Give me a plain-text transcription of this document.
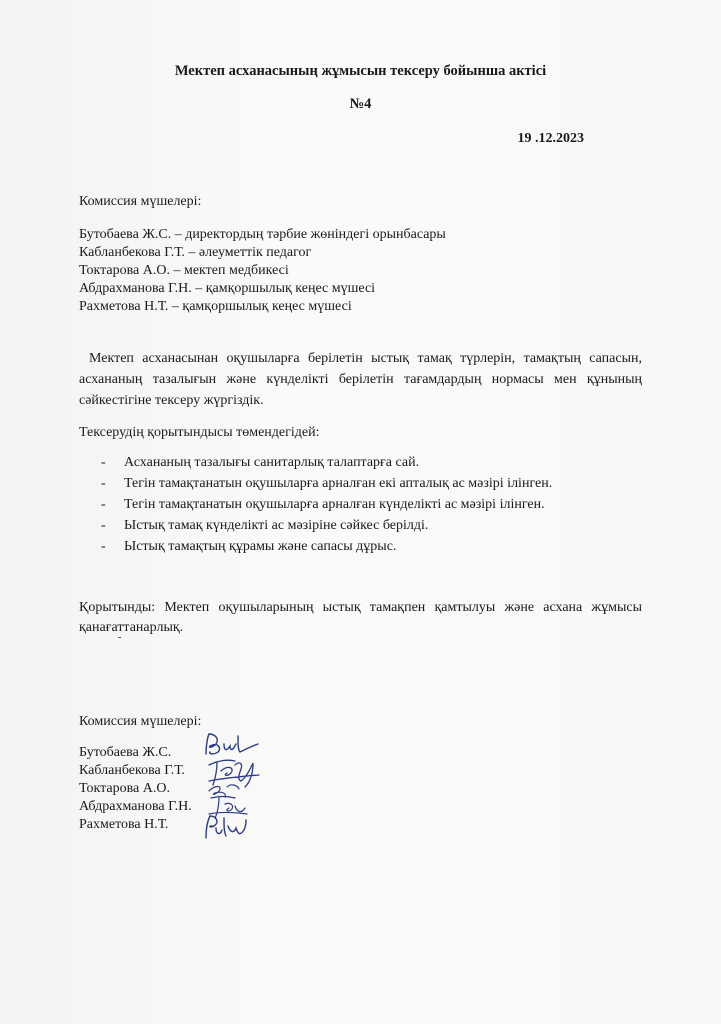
Мектеп асханасының жұмысын тексеру бойынша актісі
№4
19 .12.2023
Комиссия мүшелері:
Бутобаева Ж.С. – директордың тәрбие жөніндегі орынбасары
Кабланбекова Г.Т. – әлеуметтік педагог
Токтарова А.О. – мектеп медбикесі
Абдрахманова Г.Н. – қамқоршылық кеңес мүшесі
Рахметова Н.Т. – қамқоршылық кеңес мүшесі
Мектеп асханасынан оқушыларға берілетін ыстық тамақ түрлерін, тамақтың сапасын, асхананың тазалығын және күнделікті берілетін тағамдардың нормасы мен құнының сәйкестігіне тексеру жүргіздік.
Тексерудің қорытындысы төмендегідей:
- Асхананың тазалығы санитарлық талаптарға сай.
- Тегін тамақтанатын оқушыларға арналған екі апталық ас мәзірі ілінген.
- Тегін тамақтанатын оқушыларға арналған күнделікті ас мәзірі ілінген.
- Ыстық тамақ күнделікті ас мәзіріне сәйкес берілді.
- Ыстық тамақтың құрамы және сапасы дұрыс.
Қорытынды: Мектеп оқушыларының ыстық тамақпен қамтылуы және асхана жұмысы қанағаттанарлық.
-
Комиссия мүшелері:
Бутобаева Ж.С.
Кабланбекова Г.Т.
Токтарова А.О.
Абдрахманова Г.Н.
Рахметова Н.Т.
